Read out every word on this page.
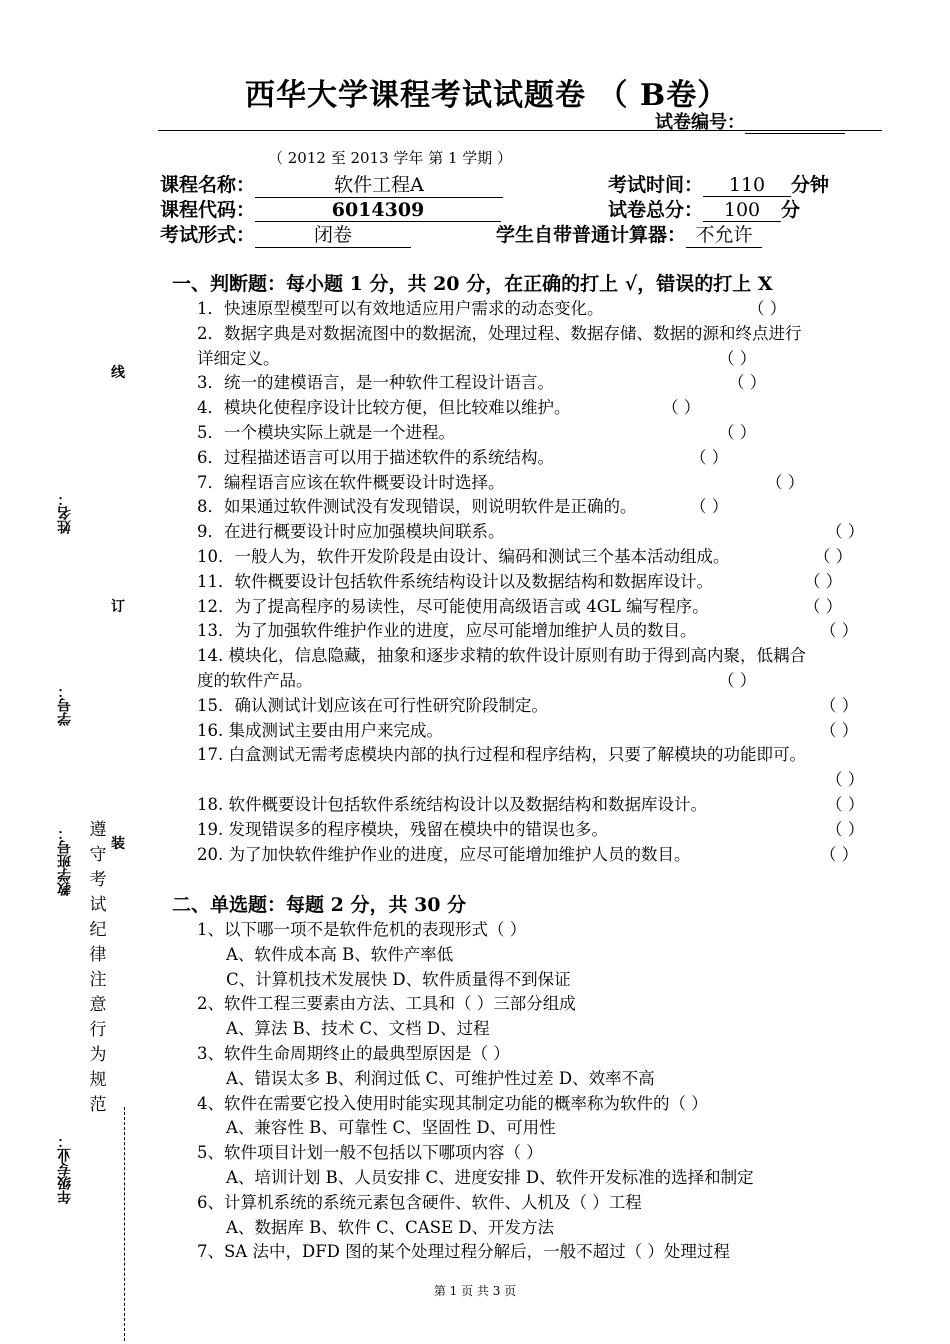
西华大学课程考试试题卷 （ B卷）
试卷编号：
（ 2012 至 2013 学年 第 1 学期 ）
课程名称：	软件工程A	考试时间： 110 分钟
课程代码：	6014309	试卷总分： 100 分
考试形式：	闭卷	学生自带普通计算器： 不允许
线
订
装
姓名：
学号：
教学班号：
年级专业：
遵守考试纪律注意行为规范
一、判断题：每小题 1 分，共 20 分，在正确的打上 √，错误的打上 X
1．快速原型模型可以有效地适应用户需求的动态变化。	（ ）
2．数据字典是对数据流图中的数据流，处理过程、数据存储、数据的源和终点进行
详细定义。	（ ）
3．统一的建模语言，是一种软件工程设计语言。	（ ）
4．模块化使程序设计比较方便，但比较难以维护。	（ ）
5．一个模块实际上就是一个进程。	（ ）
6．过程描述语言可以用于描述软件的系统结构。	（ ）
7．编程语言应该在软件概要设计时选择。	（ ）
8．如果通过软件测试没有发现错误，则说明软件是正确的。	（ ）
9．在进行概要设计时应加强模块间联系。	（ ）
10．一般人为，软件开发阶段是由设计、编码和测试三个基本活动组成。	（ ）
11．软件概要设计包括软件系统结构设计以及数据结构和数据库设计。	（ ）
12．为了提高程序的易读性，尽可能使用高级语言或 4GL 编写程序。	（ ）
13．为了加强软件维护作业的进度，应尽可能增加维护人员的数目。	（ ）
14. 模块化，信息隐藏，抽象和逐步求精的软件设计原则有助于得到高内聚，低耦合
度的软件产品。	（ ）
15．确认测试计划应该在可行性研究阶段制定。	（ ）
16. 集成测试主要由用户来完成。	（ ）
17. 白盒测试无需考虑模块内部的执行过程和程序结构，只要了解模块的功能即可。
（ ）
18. 软件概要设计包括软件系统结构设计以及数据结构和数据库设计。	（ ）
19. 发现错误多的程序模块，残留在模块中的错误也多。	（ ）
20. 为了加快软件维护作业的进度，应尽可能增加维护人员的数目。	（ ）
二、单选题：每题 2 分，共 30 分
1、以下哪一项不是软件危机的表现形式（ ）
A、软件成本高 B、软件产率低
C、计算机技术发展快 D、软件质量得不到保证
2、软件工程三要素由方法、工具和（ ）三部分组成
A、算法 B、技术 C、文档 D、过程
3、软件生命周期终止的最典型原因是（ ）
A、错误太多 B、利润过低 C、可维护性过差 D、效率不高
4、软件在需要它投入使用时能实现其制定功能的概率称为软件的（ ）
A、兼容性 B、可靠性 C、坚固性 D、可用性
5、软件项目计划一般不包括以下哪项内容（ ）
A、培训计划 B、人员安排 C、进度安排 D、软件开发标准的选择和制定
6、计算机系统的系统元素包含硬件、软件、人机及（ ）工程
A、数据库 B、软件 C、CASE D、开发方法
7、SA 法中，DFD 图的某个处理过程分解后，一般不超过（ ）处理过程
第 1 页 共 3 页
